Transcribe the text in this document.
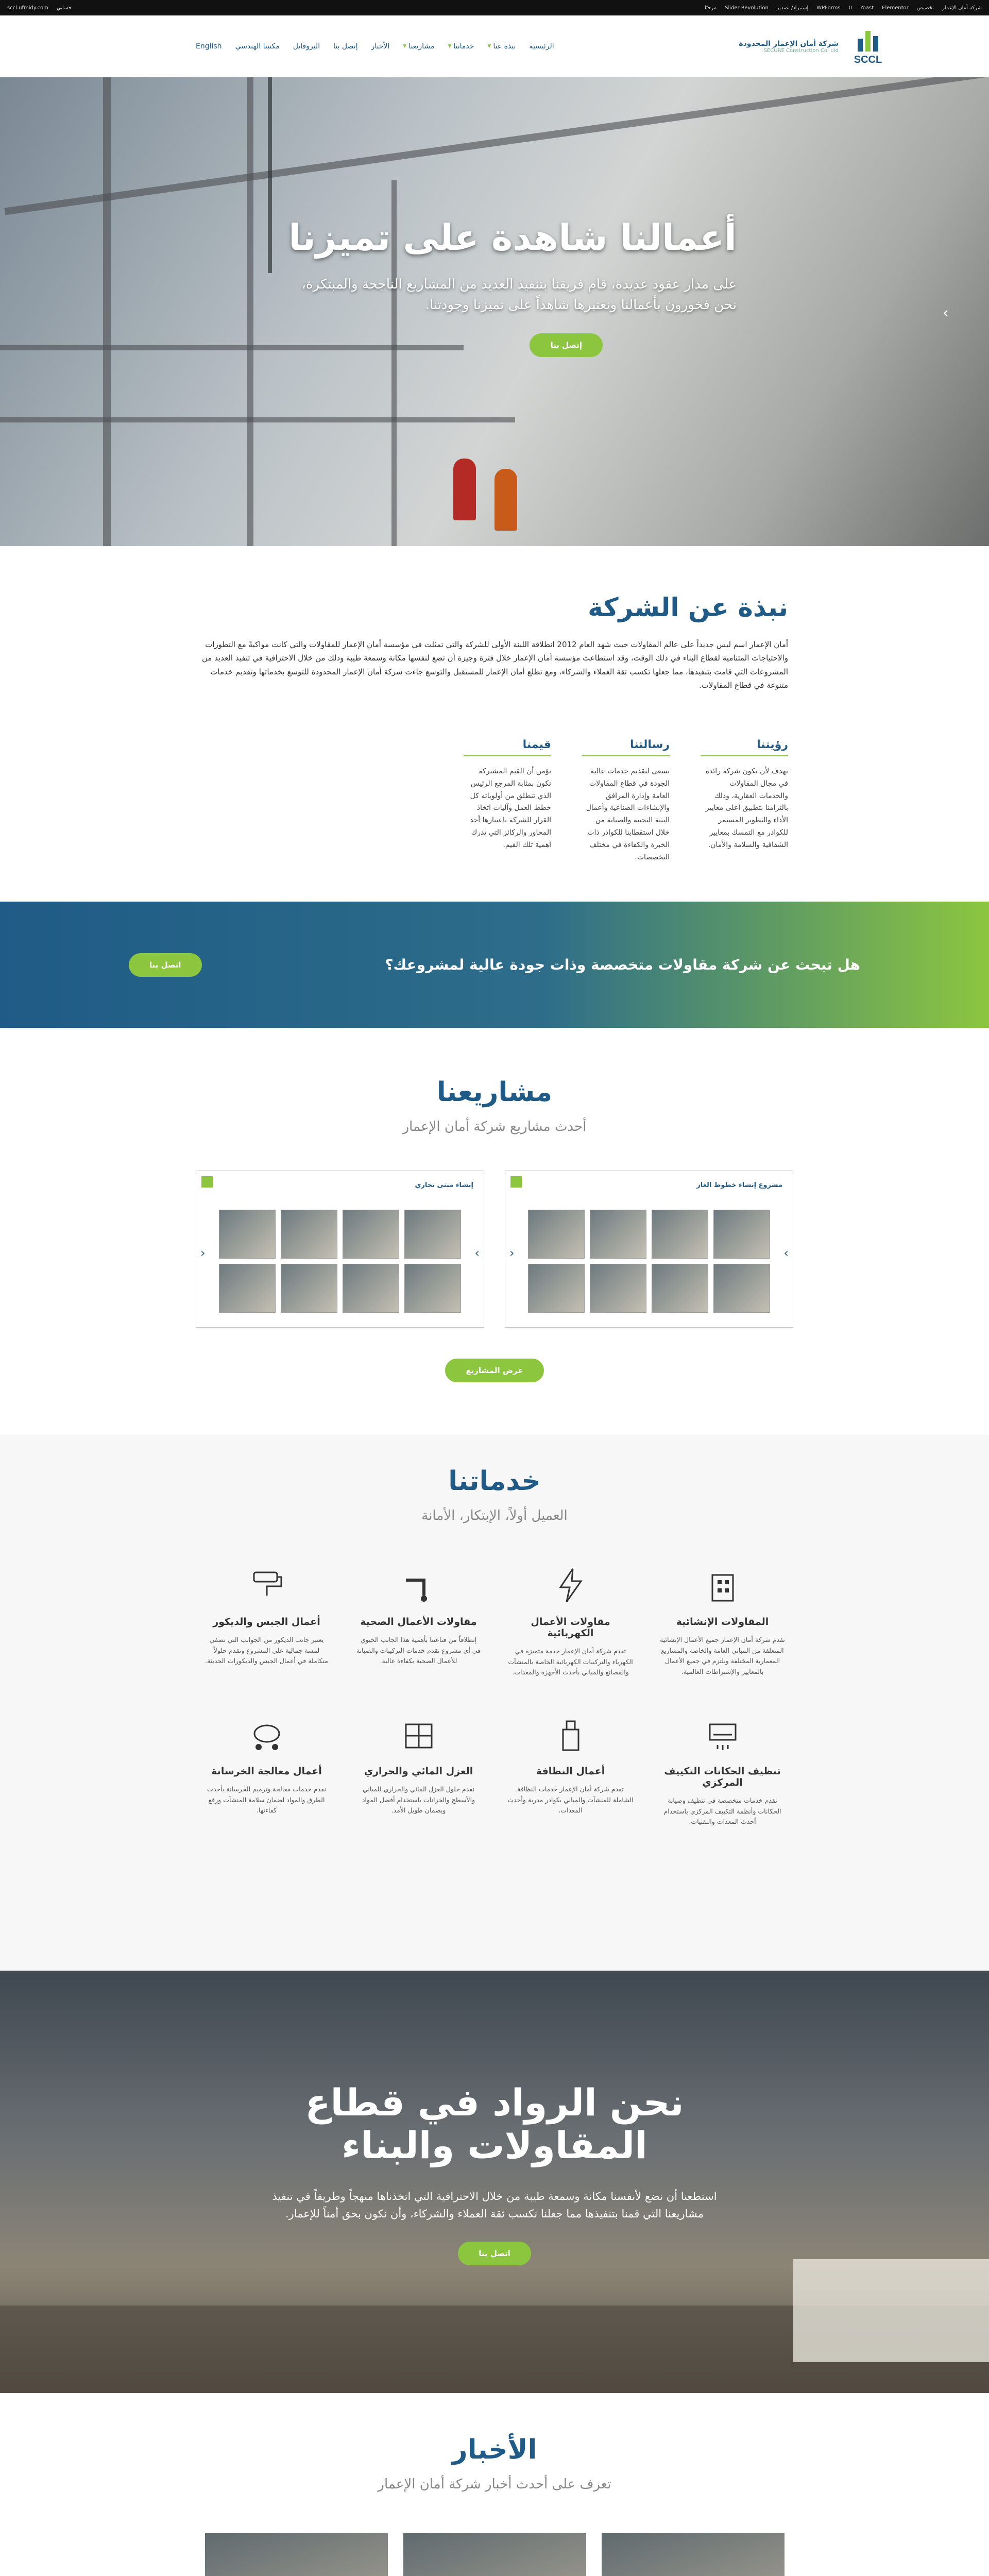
sccl.ufmidy.com حسابي	شركة أمان الإعمار
تخصيص
Elementor
Yoast
0
WPForms
إستيراد/ تصدير
Slider Revolution
مرحبًا
SCCL
شركة أمان الإعمار المحدودة
SECURE Construction Co. Ltd.
الرئيسية
نبذة عنا
▼
خدماتنا
▼
مشاريعنا
▼
الأخبار
إتصل بنا
البروفايل
مكتبنا الهندسي
English
أعمالنا شاهدة على تميزنا

على مدار عقود عديدة، قام فريقنا بتنفيذ العديد من المشاريع الناجحة والمبتكرة، نحن فخورون بأعمالنا ونعتبرها شاهداً على تميزنا وجودتنا.

إتصل بنا
›
نبذة عن الشركة

أمان الإعمار اسم ليس جديداً على عالم المقاولات حيث شهد العام 2012 انطلاقة اللبنة الأولى للشركة والتي تمثلت في مؤسسة أمان الإعمار للمقاولات والتي كانت مواكبةً مع التطورات والاحتياجات المتنامية لقطاع البناء في ذلك الوقت، وقد استطاعت مؤسسة أمان الإعمار خلال فترة وجيزة أن تضع لنفسها مكانة وسمعة طيبة وذلك من خلال الاحترافية في تنفيذ العديد من المشروعات التي قامت بتنفيذها، مما جعلها تكسب ثقة العملاء والشركاء، ومع تطلع أمان الإعمار للمستقبل والتوسع جاءت شركة أمان الإعمار المحدودة للتوسع بخدماتها وتقديم خدمات متنوعة في قطاع المقاولات.

رؤيتنا

نهدف لأن نكون شركة رائدة في مجال المقاولات والخدمات العقارية، وذلك بالتزامنا بتطبيق أعلى معايير الأداء والتطوير المستمر للكوادر مع التمسك بمعايير الشفافية والسلامة والأمان.

رسالتنا

نسعى لتقديم خدمات عالية الجودة في قطاع المقاولات العامة وإدارة المرافق والإنشاءات الصناعية وأعمال البنية التحتية والصيانة من خلال استقطابنا للكوادر ذات الخبرة والكفاءة في مختلف التخصصات.

قيمنا

نؤمن أن القيم المشتركة تكون بمثابة المرجع الرئيس الذي تنطلق من أولوياته كل خطط العمل وآليات اتخاذ القرار للشركة باعتبارها أحد المحاور والركائز التي تدرك أهمية تلك القيم.

هل تبحث عن شركة مقاولات متخصصة وذات جودة عالية لمشروعك؟
اتصل بنا
مشاريعنا
أحدث مشاريع شركة أمان الإعمار
مشروع إنشاء خطوط الغاز
›
‹
إنشاء مبنى تجاري
›
‹
عرض المشاريع
خدماتنا
العميل أولاً، الإبتكار، الأمانة
المقاولات الإنشائية

نقدم شركة أمان الإعمار جميع الأعمال الإنشائية المتعلقة من المباني العامة والخاصة والمشاريع المعمارية المختلفة ونلتزم في جميع الأعمال بالمعايير والإشتراطات العالمية.

مقاولات الأعمال الكهربائية

تقدم شركة أمان الإعمار خدمة متميزة في الكهرباء والتركيبات الكهربائية الخاصة بالمنشآت والمصانع والمباني بأحدث الأجهزة والمعدات.

مقاولات الأعمال الصحية

إنطلاقاً من قناعتنا بأهمية هذا الجانب الحيوي في أي مشروع نقدم خدمات التركيبات والصيانة للأعمال الصحية بكفاءة عالية.

أعمال الجبس والديكور

يعتبر جانب الديكور من الجوانب التي تضفي لمسة جمالية على المشروع ونقدم حلولاً متكاملة في أعمال الجبس والديكورات الحديثة.

تنظيف الحكانات التكييف المركزي

نقدم خدمات متخصصة في تنظيف وصيانة الحكانات وأنظمة التكييف المركزي باستخدام أحدث المعدات والتقنيات.

أعمال النظافة

تقدم شركة أمان الإعمار خدمات النظافة الشاملة للمنشآت والمباني بكوادر مدربة وأحدث المعدات.

العزل المائي والحراري

نقدم حلول العزل المائي والحراري للمباني والأسطح والخزانات باستخدام أفضل المواد وبضمان طويل الأمد.

أعمال معالجة الخرسانة

نقدم خدمات معالجة وترميم الخرسانة بأحدث الطرق والمواد لضمان سلامة المنشآت ورفع كفاءتها.

نحن الرواد في قطاع
المقاولات والبناء

استطعنا أن نضع لأنفسنا مكانة وسمعة طيبة من خلال الاحترافية التي اتخذناها منهجاً وطريقاً في تنفيذ مشاريعنا التي قمنا بتنفيذها مما جعلنا نكسب ثقة العملاء والشركاء، وأن نكون بحق أمناً للإعمار.

اتصل بنا
الأخبار
تعرف على أحدث أخبار شركة أمان الإعمار
